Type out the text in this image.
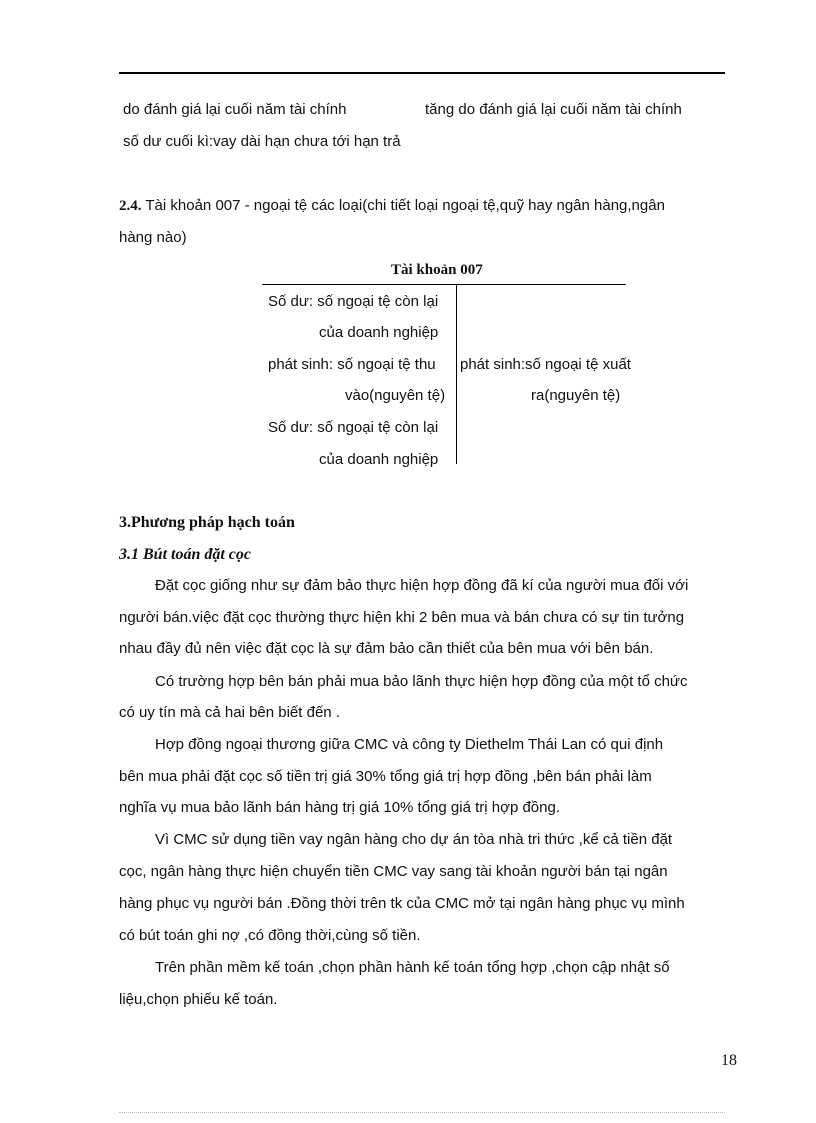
do đánh giá lại cuối năm tài chính	tăng do đánh giá lại cuối năm tài chính
số dư cuối kì:vay dài hạn chưa tới hạn trả
2.4. Tài khoản 007 - ngoại tệ các loại(chi tiết loại ngoại tệ,quỹ hay ngân hàng,ngân
hàng nào)
Tài khoản 007
Số dư: số ngoại tệ còn lại
của doanh nghiệp
phát sinh: số ngoại tệ thu
vào(nguyên tệ)
Số dư: số ngoại tệ còn lại
của doanh nghiệp
phát sinh:số ngoại tệ xuất
ra(nguyên tệ)
3.Phương pháp hạch toán
3.1 Bút toán đặt cọc
Đặt cọc giống như sự đảm bảo thực hiện hợp đồng đã kí của người mua đối với
người bán.việc đặt cọc thường thực hiện khi 2 bên mua và bán chưa có sự tin tưởng
nhau đầy đủ nên việc đặt cọc là sự đảm bảo cần thiết của bên mua với bên bán.
Có trường hợp bên bán phải mua bảo lãnh thực hiện hợp đồng của một tổ chức
có uy tín mà cả hai bên biết đến .
Hợp đồng ngoại thương giữa CMC và công ty Diethelm Thái Lan có qui định
bên mua phải đặt cọc số tiền trị giá 30% tổng giá trị hợp đồng ,bên bán phải làm
nghĩa vụ mua bảo lãnh bán hàng trị giá 10% tổng giá trị hợp đồng.
Vì CMC sử dụng tiền vay ngân hàng cho dự án tòa nhà tri thức ,kể cả tiền đặt
cọc, ngân hàng thực hiện chuyển tiền CMC vay sang tài khoản người bán tại ngân
hàng phục vụ người bán .Đồng thời trên tk của CMC mở tại ngân hàng phục vụ mình
có bút toán ghi nợ ,có đồng thời,cùng số tiền.
Trên phần mềm kế toán ,chọn phần hành kế toán tổng hợp ,chọn cập nhật số
liệu,chọn phiếu kế toán.
18
